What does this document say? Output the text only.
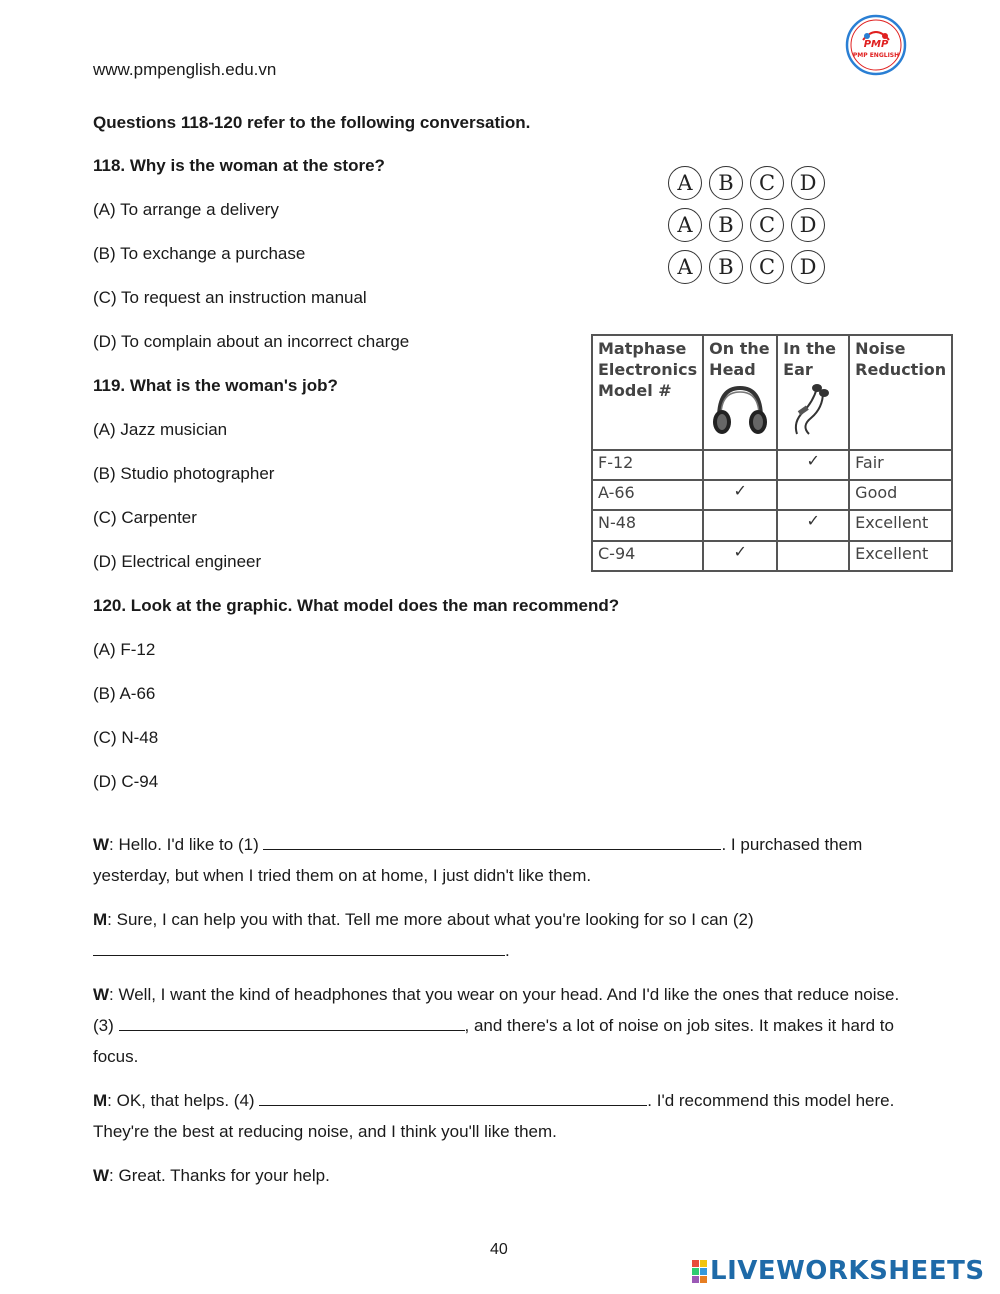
www.pmpenglish.edu.vn
PMP
PMP ENGLISH
Questions 118-120 refer to the following conversation.
118. Why is the woman at the store?
(A) To arrange a delivery
(B) To exchange a purchase
(C) To request an instruction manual
(D) To complain about an incorrect charge
119. What is the woman's job?
(A) Jazz musician
(B) Studio photographer
(C) Carpenter
(D) Electrical engineer
120. Look at the graphic. What model does the man recommend?
(A) F-12
(B) A-66
(C) N-48
(D) C-94
A	B	C	D
A	B	C	D
A	B	C	D
Matphase Electronics Model #	On the Head	In the Ear	Noise Reduction
F-12		✓	Fair
A-66	✓		Good
N-48		✓	Excellent
C-94	✓		Excellent
W: Hello. I'd like to (1)	. I purchased them yesterday, but when I tried them on at home, I just didn't like them.
M: Sure, I can help you with that. Tell me more about what you're looking for so I can (2) .
W: Well, I want the kind of headphones that you wear on your head. And I'd like the ones that reduce noise. (3)	, and there's a lot of noise on job sites. It makes it hard to focus.
M: OK, that helps. (4)	. I'd recommend this model here. They're the best at reducing noise, and I think you'll like them.
W: Great. Thanks for your help.
40
LIVEWORKSHEETS
